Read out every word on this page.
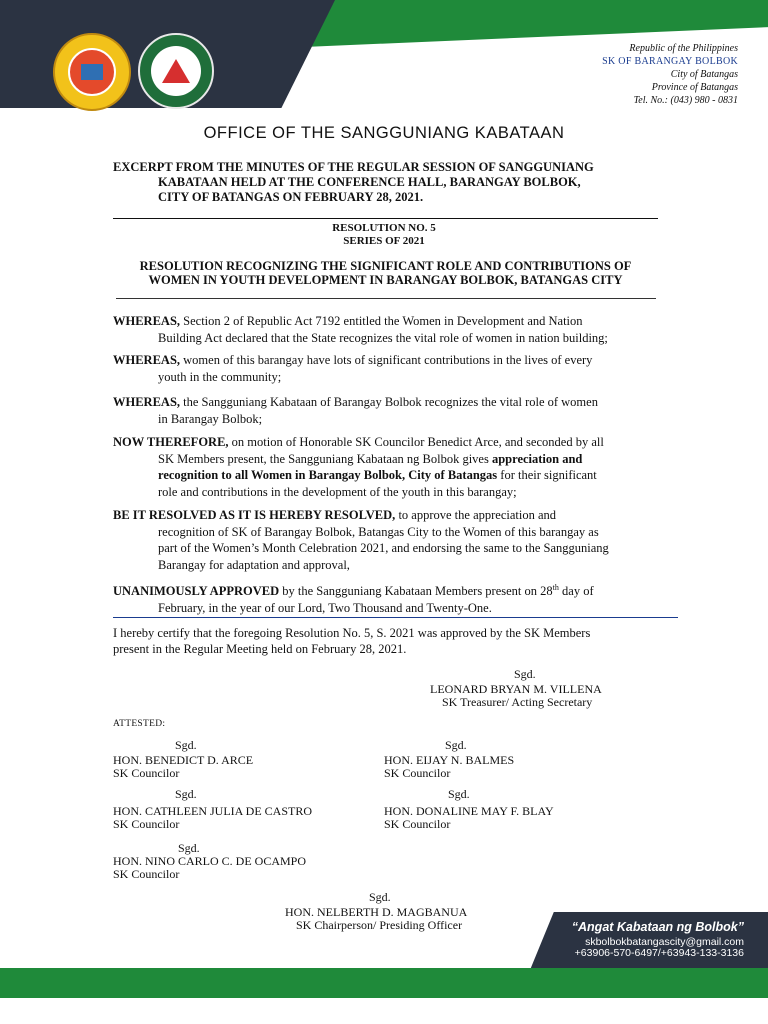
Republic of the Philippines
SK OF BARANGAY BOLBOK
City of Batangas
Province of Batangas
Tel. No.: (043) 980 - 0831
OFFICE OF THE SANGGUNIANG KABATAAN
EXCERPT FROM THE MINUTES OF THE REGULAR SESSION OF SANGGUNIANG
KABATAAN HELD AT THE CONFERENCE HALL, BARANGAY BOLBOK,
CITY OF BATANGAS ON FEBRUARY 28, 2021.
RESOLUTION NO. 5
SERIES OF 2021
RESOLUTION RECOGNIZING THE SIGNIFICANT ROLE AND CONTRIBUTIONS OF
WOMEN IN YOUTH DEVELOPMENT IN BARANGAY BOLBOK, BATANGAS CITY
WHEREAS, Section 2 of Republic Act 7192 entitled the Women in Development and Nation
Building Act declared that the State recognizes the vital role of women in nation building;
WHEREAS, women of this barangay have lots of significant contributions in the lives of every
youth in the community;
WHEREAS, the Sangguniang Kabataan of Barangay Bolbok recognizes the vital role of women
in Barangay Bolbok;
NOW THEREFORE, on motion of Honorable SK Councilor Benedict Arce, and seconded by all
SK Members present, the Sangguniang Kabataan ng Bolbok gives appreciation and
recognition to all Women in Barangay Bolbok, City of Batangas for their significant
role and contributions in the development of the youth in this barangay;
BE IT RESOLVED AS IT IS HEREBY RESOLVED, to approve the appreciation and
recognition of SK of Barangay Bolbok, Batangas City to the Women of this barangay as
part of the Women’s Month Celebration 2021, and endorsing the same to the Sangguniang
Barangay for adaptation and approval,
UNANIMOUSLY APPROVED by the Sangguniang Kabataan Members present on 28th day of
February, in the year of our Lord, Two Thousand and Twenty-One.
I hereby certify that the foregoing Resolution No. 5, S. 2021 was approved by the SK Members
present in the Regular Meeting held on February 28, 2021.
Sgd.
LEONARD BRYAN M. VILLENA
SK Treasurer/ Acting Secretary
ATTESTED:
Sgd.
HON. BENEDICT D. ARCE
SK Councilor
Sgd.
HON. EIJAY N. BALMES
SK Councilor
Sgd.
HON. CATHLEEN JULIA DE CASTRO
SK Councilor
Sgd.
HON. DONALINE MAY F. BLAY
SK Councilor
Sgd.
HON. NINO CARLO C. DE OCAMPO
SK Councilor
Sgd.
HON. NELBERTH D. MAGBANUA
SK Chairperson/ Presiding Officer	“Angat Kabataan ng Bolbok”
skbolbokbatangascity@gmail.com
+63906-570-6497/+63943-133-3136
